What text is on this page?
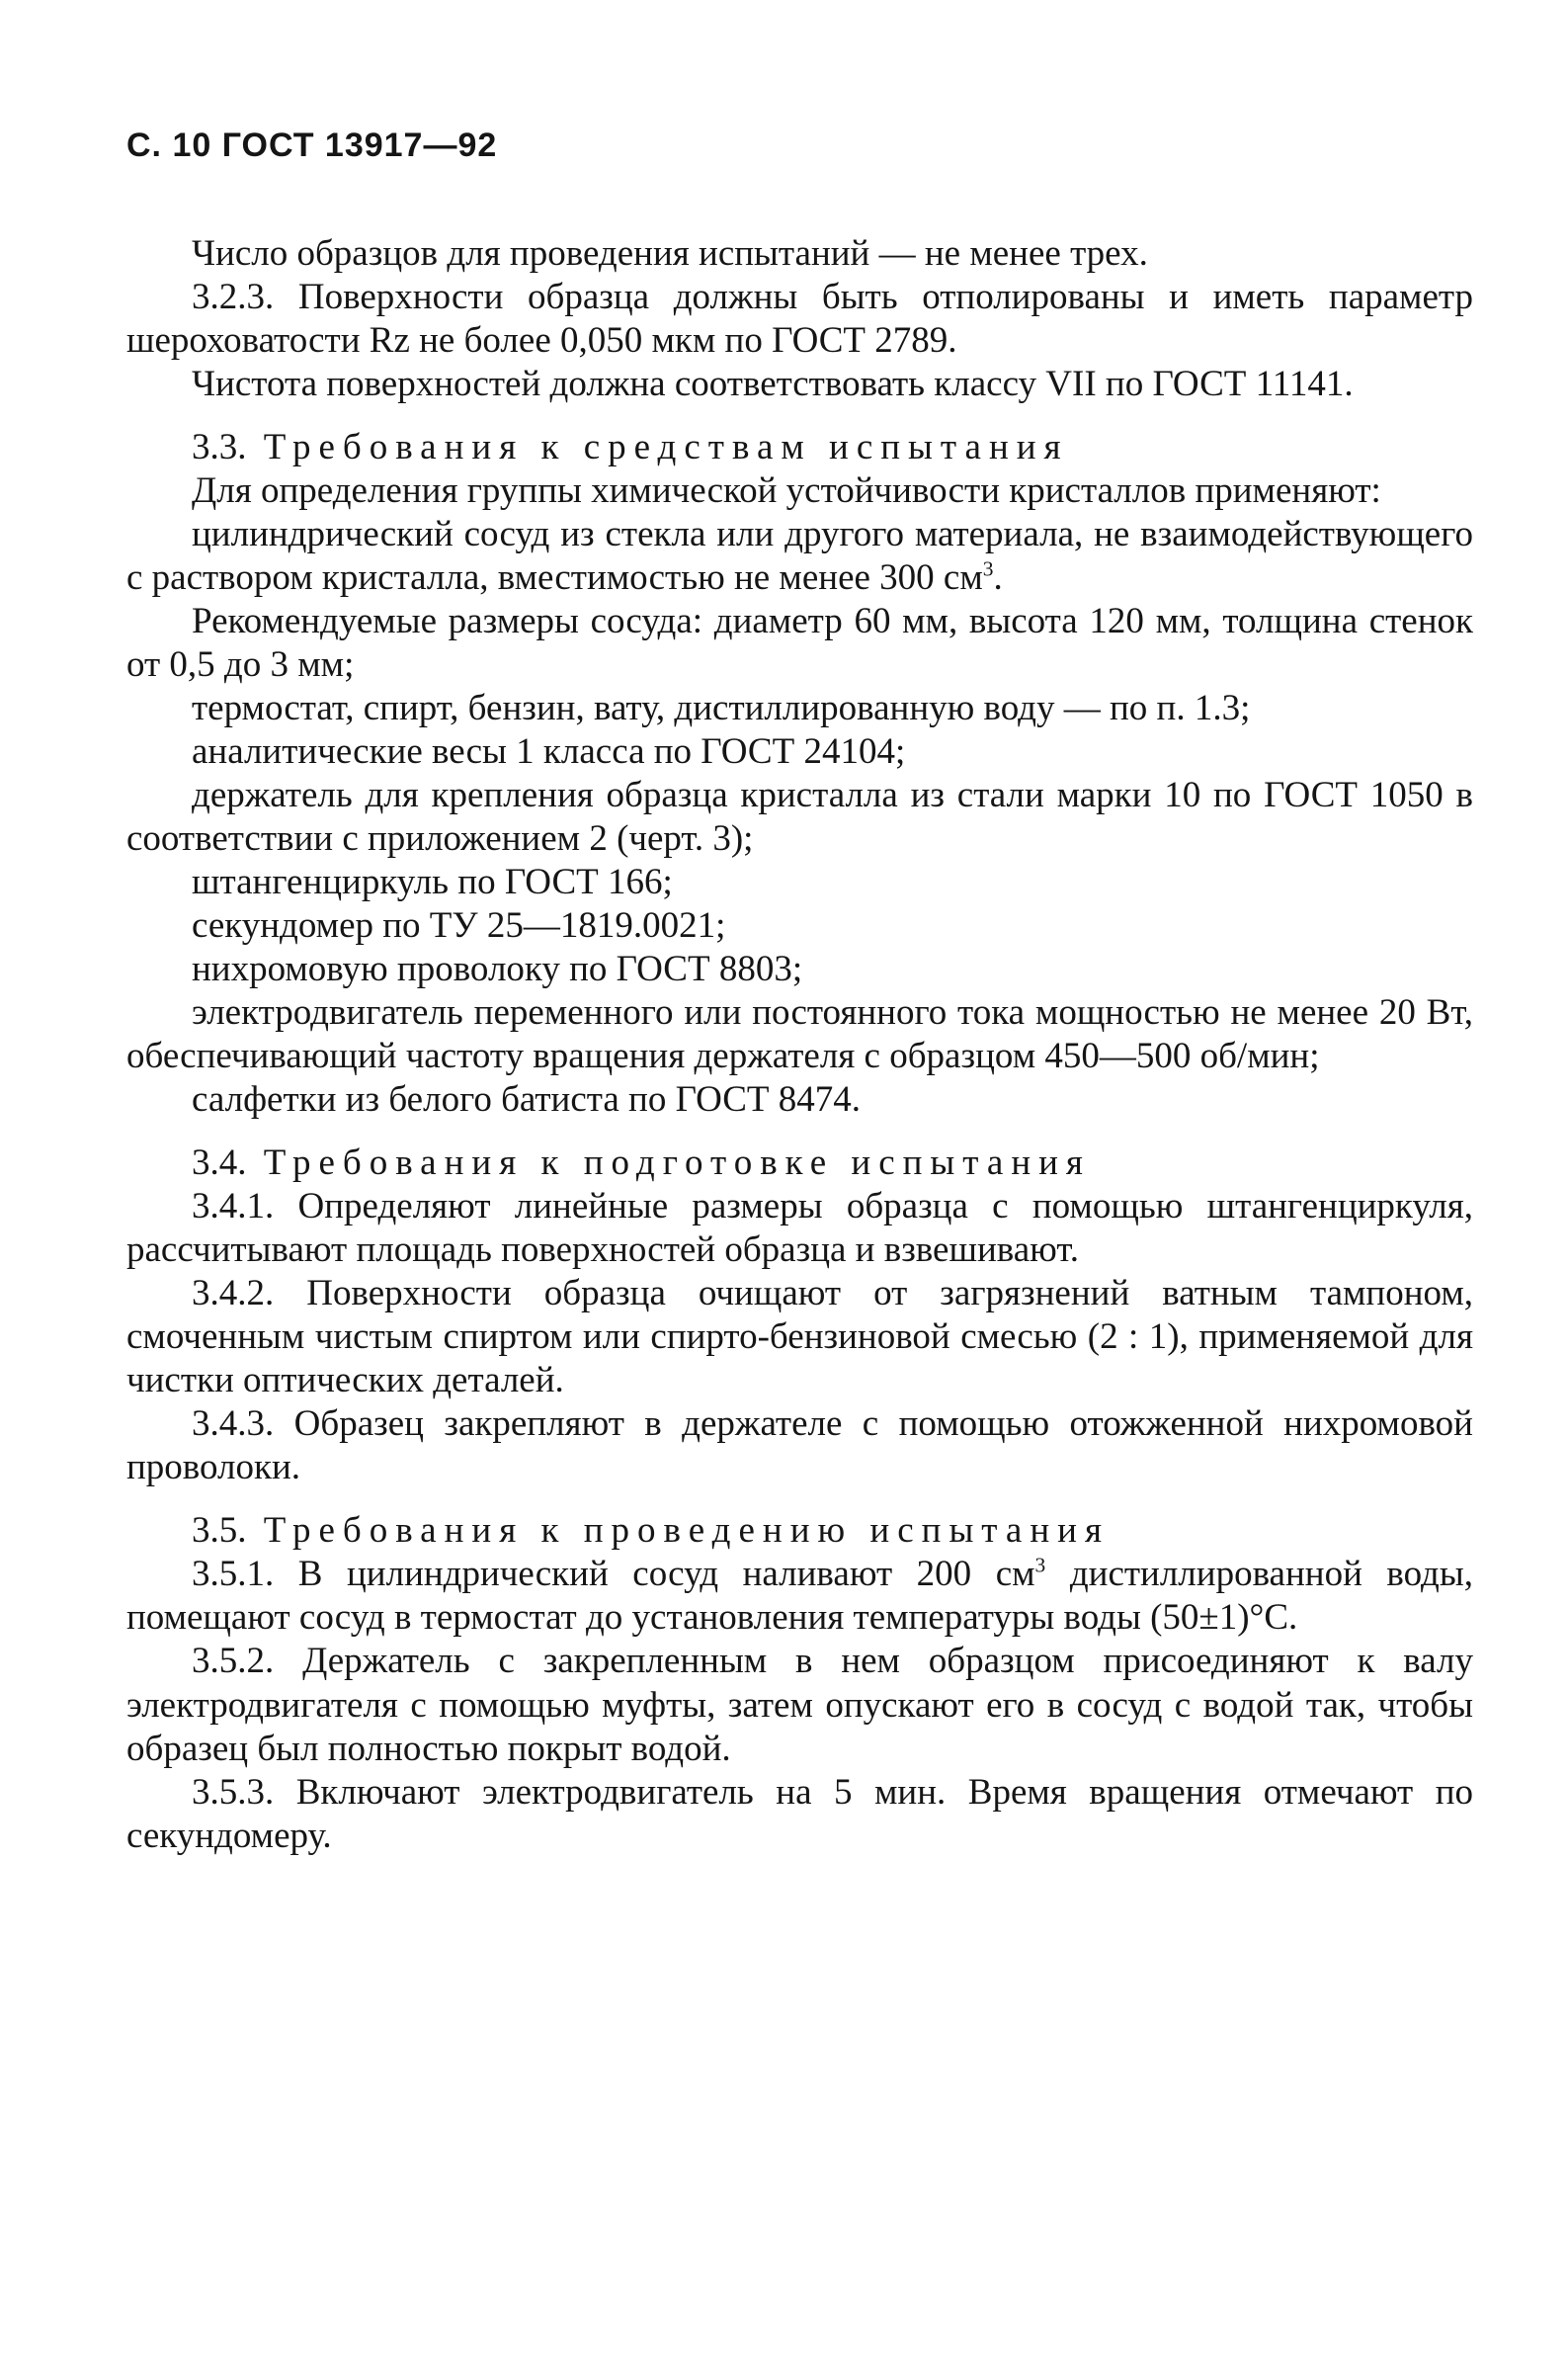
С. 10 ГОСТ 13917—92

Число образцов для проведения испытаний — не менее трех.

3.2.3. Поверхности образца должны быть отполированы и иметь параметр шероховатости Rz не более 0,050 мкм по ГОСТ 2789.

Чистота поверхностей должна соответствовать классу VII по ГОСТ 11141.

3.3. Требования к средствам испытания

Для определения группы химической устойчивости кристаллов применяют:

цилиндрический сосуд из стекла или другого материала, не взаимодействующего с раствором кристалла, вместимостью не менее 300 $см^3$.

Рекомендуемые размеры сосуда: диаметр 60 мм, высота 120 мм, толщина стенок от 0,5 до 3 мм;

термостат, спирт, бензин, вату, дистиллированную воду — по п. 1.3;

аналитические весы 1 класса по ГОСТ 24104;

держатель для крепления образца кристалла из стали марки 10 по ГОСТ 1050 в соответствии с приложением 2 (черт. 3);

штангенциркуль по ГОСТ 166;

секундомер по ТУ 25—1819.0021;

нихромовую проволоку по ГОСТ 8803;

электродвигатель переменного или постоянного тока мощностью не менее 20 Вт, обеспечивающий частоту вращения держателя с образцом 450—500 об/мин;

салфетки из белого батиста по ГОСТ 8474.

3.4. Требования к подготовке испытания

3.4.1. Определяют линейные размеры образца с помощью штангенциркуля, рассчитывают площадь поверхностей образца и взвешивают.

3.4.2. Поверхности образца очищают от загрязнений ватным тампоном, смоченным чистым спиртом или спирто-бензиновой смесью (2 : 1), применяемой для чистки оптических деталей.

3.4.3. Образец закрепляют в держателе с помощью отожженной нихромовой проволоки.

3.5. Требования к проведению испытания

3.5.1. В цилиндрический сосуд наливают 200 $см^3$ дистиллированной воды, помещают сосуд в термостат до установления температуры воды (50±1)°С.

3.5.2. Держатель с закрепленным в нем образцом присоединяют к валу электродвигателя с помощью муфты, затем опускают его в сосуд с водой так, чтобы образец был полностью покрыт водой.

3.5.3. Включают электродвигатель на 5 мин. Время вращения отмечают по секундомеру.
